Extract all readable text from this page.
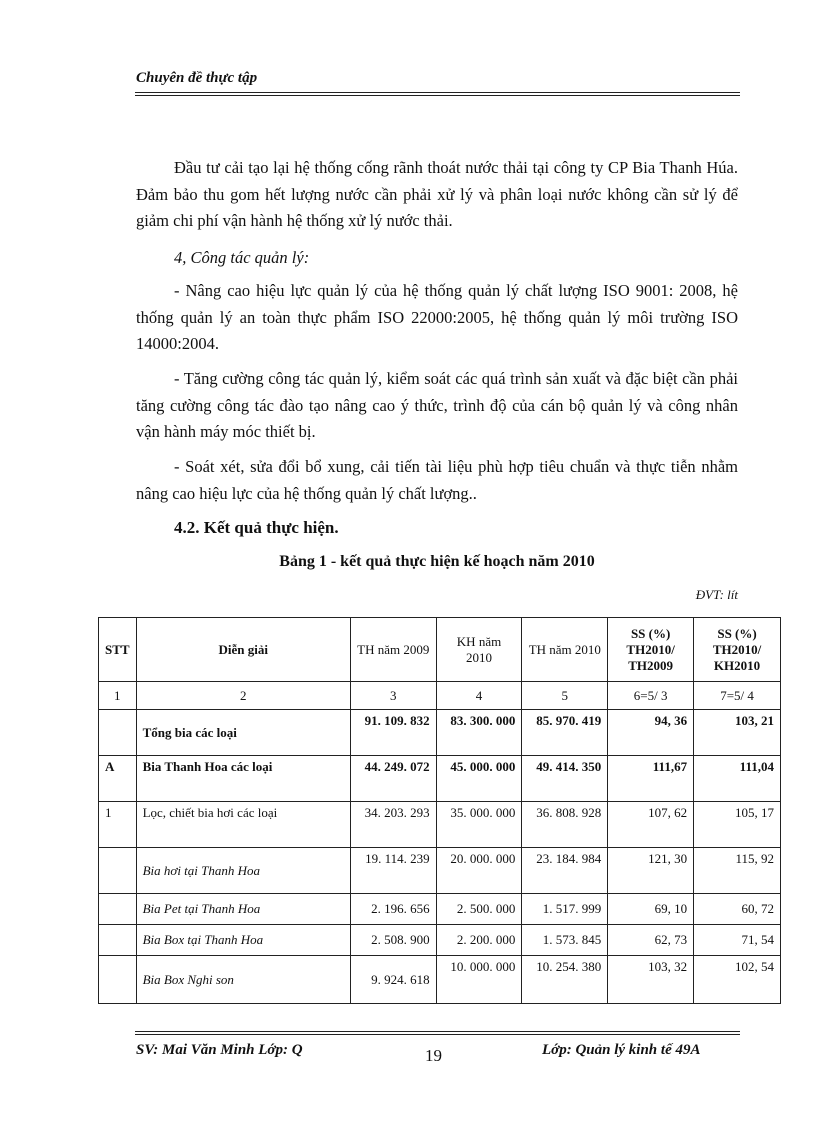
Chuyên đề thực tập

Đầu tư cải tạo lại hệ thống cống rãnh thoát nước thải tại công ty CP Bia Thanh Húa. Đảm bảo thu gom hết lượng nước cần phải xử lý và phân loại nước không cần sử lý để giảm chi phí vận hành hệ thống xử lý nước thải.

4, Công tác quản lý:

- Nâng cao hiệu lực quản lý của hệ thống quản lý chất lượng ISO 9001: 2008, hệ thống quản lý an toàn thực phẩm ISO 22000:2005, hệ thống quản lý môi trường ISO 14000:2004.

- Tăng cường công tác quản lý, kiểm soát các quá trình sản xuất và đặc biệt cần phải tăng cường công tác đào tạo nâng cao ý thức, trình độ của cán bộ quản lý và công nhân vận hành máy móc thiết bị.

- Soát xét, sửa đổi bổ xung, cải tiến tài liệu phù hợp tiêu chuẩn và thực tiễn nhằm nâng cao hiệu lực của hệ thống quản lý chất lượng..

4.2. Kết quả thực hiện.
Bảng 1 - kết quả thực hiện kế hoạch năm 2010
ĐVT: lít
STT	Diễn giải	TH năm 2009	KH năm 2010	TH năm 2010	SS (%) TH2010/ TH2009	SS (%) TH2010/ KH2010
1	2	3	4	5	6=5/ 3	7=5/ 4
	Tổng bia các loại	91. 109. 832	83. 300. 000	85. 970. 419	94, 36	103, 21
A	Bia Thanh Hoa các loại	44. 249. 072	45. 000. 000	49. 414. 350	111,67	111,04
1	Lọc, chiết bia hơi các loại	34. 203. 293	35. 000. 000	36. 808. 928	107, 62	105, 17
	Bia hơi tại Thanh Hoa	19. 114. 239	20. 000. 000	23. 184. 984	121, 30	115, 92
	Bia Pet tại Thanh Hoa	2. 196. 656	2. 500. 000	1. 517. 999	69, 10	60, 72
	Bia Box tại Thanh Hoa	2. 508. 900	2. 200. 000	1. 573. 845	62, 73	71, 54
	Bia Box Nghi son	9. 924. 618	10. 000. 000	10. 254. 380	103, 32	102, 54
SV: Mai Văn Minh Lớp: Q	19	Lớp: Quản lý kinh tế 49A
